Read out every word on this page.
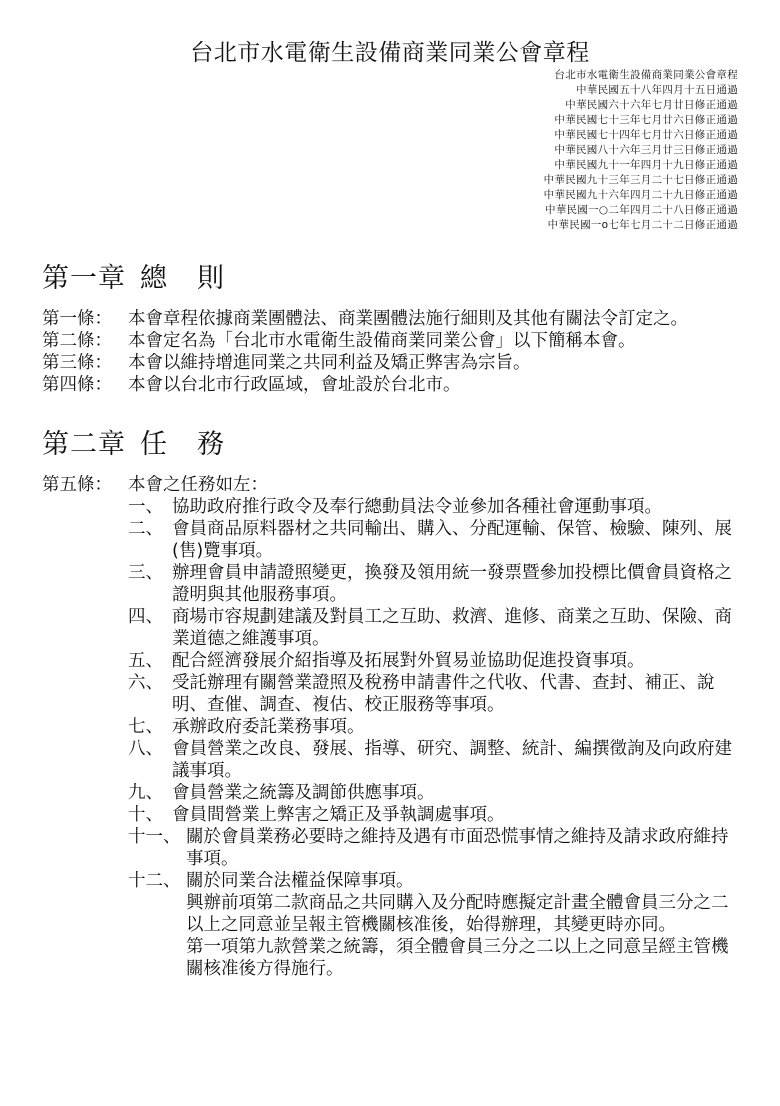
台北市水電衛生設備商業同業公會章程
台北市水電衛生設備商業同業公會章程
中華民國五十八年四月十五日通過
中華民國六十六年七月廿日修正通過
中華民國七十三年七月廿六日修正通過
中華民國七十四年七月廿六日修正通過
中華民國八十六年三月廿三日修正通過
中華民國九十一年四月十九日修正通過
中華民國九十三年三月二十七日修正通過
中華民國九十六年四月二十九日修正通過
中華民國一○二年四月二十八日修正通過
中華民國一o七年七月二十二日修正通過
第一章 總則
第一條： 本會章程依據商業團體法、商業團體法施行細則及其他有關法令訂定之。
第二條： 本會定名為「台北市水電衛生設備商業同業公會」以下簡稱本會。
第三條： 本會以維持增進同業之共同利益及矯正弊害為宗旨。
第四條： 本會以台北市行政區域，會址設於台北市。
第二章 任務
第五條： 本會之任務如左：
一、 協助政府推行政令及奉行總動員法令並參加各種社會運動事項。
二、 會員商品原料器材之共同輸出、購入、分配運輸、保管、檢驗、陳列、展(售)覽事項。
三、 辦理會員申請證照變更，換發及領用統一發票暨參加投標比價會員資格之證明與其他服務事項。
四、 商場市容規劃建議及對員工之互助、救濟、進修、商業之互助、保險、商業道德之維護事項。
五、 配合經濟發展介紹指導及拓展對外貿易並協助促進投資事項。
六、 受託辦理有關營業證照及稅務申請書件之代收、代書、查封、補正、說明、查催、調查、複估、校正服務等事項。
七、 承辦政府委託業務事項。
八、 會員營業之改良、發展、指導、研究、調整、統計、編撰徵詢及向政府建議事項。
九、 會員營業之統籌及調節供應事項。
十、 會員間營業上弊害之矯正及爭執調處事項。
十一、 關於會員業務必要時之維持及遇有市面恐慌事情之維持及請求政府維持事項。
十二、 關於同業合法權益保障事項。
興辦前項第二款商品之共同購入及分配時應擬定計畫全體會員三分之二以上之同意並呈報主管機關核准後，始得辦理，其變更時亦同。
第一項第九款營業之統籌，須全體會員三分之二以上之同意呈經主管機關核准後方得施行。
